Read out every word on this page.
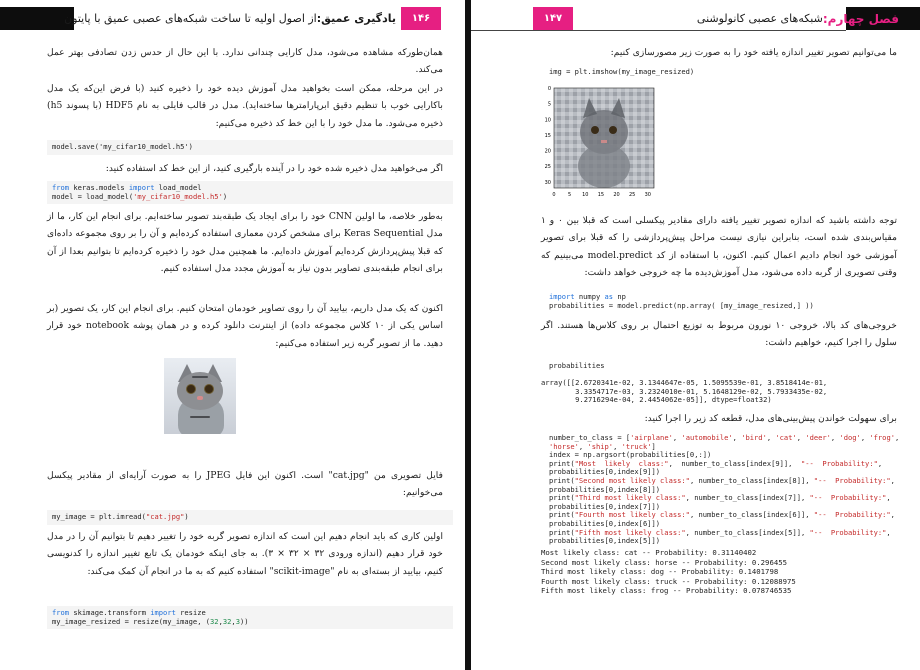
۱۴۶
یادگیری عمیق:
از اصول اولیه تا ساخت شبکه‌های عصبی عمیق با پایتون
همان‌طورکه مشاهده می‌شود، مدل کارایی چندانی ندارد. با این حال از حدس زدن تصادفی بهتر عمل می‌کند.
در این مرحله، ممکن است بخواهید مدل آموزش دیده خود را ذخیره کنید (با فرض این‌که یک مدل باکارایی خوب با تنظیم دقیق ابرپارامترها ساخته‌اید). مدل در قالب فایلی به نام HDF5 (با پسوند h5) ذخیره می‌شود. ما مدل خود را با این خط کد ذخیره می‌کنیم:
model.save('my_cifar10_model.h5')
اگر می‌خواهید مدل ذخیره شده خود را در آینده بارگیری کنید، از این خط کد استفاده کنید:
from keras.models import load_model
model = load_model('my_cifar10_model.h5')
به‌طور خلاصه، ما اولین CNN خود را برای ایجاد یک طبقه‌بند تصویر ساخته‌ایم. برای انجام این کار، ما از مدل Keras Sequential برای مشخص کردن معماری استفاده کرده‌ایم و آن را بر روی مجموعه داده‌ای که قبلا پیش‌پردازش کرده‌ایم آموزش داده‌ایم. ما همچنین مدل خود را ذخیره کرده‌ایم تا بتوانیم بعدا از آن برای انجام طبقه‌بندی تصاویر بدون نیاز به آموزش مجدد مدل استفاده کنیم.
اکنون که یک مدل داریم، بیایید آن را روی تصاویر خودمان امتحان کنیم. برای انجام این کار، یک تصویر (بر اساس یکی از ۱۰ کلاس مجموعه داده) از اینترنت دانلود کرده و در همان پوشه notebook خود قرار دهید. ما از تصویر گربه زیر استفاده می‌کنیم:
فایل تصویری من "cat.jpg" است. اکنون این فایل JPEG را به صورت آرایه‌ای از مقادیر پیکسل می‌خوانیم:
my_image = plt.imread("cat.jpg")
اولین کاری که باید انجام دهیم این است که اندازه تصویر گربه خود را تغییر دهیم تا بتوانیم آن را در مدل خود قرار دهیم (اندازه ورودی ۳۲ × ۳۲ × ۳). به جای اینکه خودمان یک تابع تغییر اندازه را کدنویسی کنیم، بیایید از بسته‌ای به نام "scikit-image" استفاده کنیم که به ما در انجام آن کمک می‌کند:
from skimage.transform import resize
my_image_resized = resize(my_image, (32,32,3))
۱۴۷	فصل چهارم:
شبکه‌های عصبی کانولوشنی
ما می‌توانیم تصویر تغییر اندازه یافته خود را به صورت زیر مصورسازی کنیم:
img = plt.imshow(my_image_resized)
0
5
10
15
20
25
30
0 5 10 15 20 25 30
توجه داشته باشید که اندازه تصویر تغییر یافته دارای مقادیر پیکسلی است که قبلا بین ۰ و ۱ مقیاس‌بندی شده است، بنابراین نیازی نیست مراحل پیش‌پردازشی را که قبلا برای تصویر آموزشی خود انجام دادیم اعمال کنیم. اکنون، با استفاده از کد model.predict می‌بینیم که وقتی تصویری از گربه داده می‌شود، مدل آموزش‌دیده ما چه خروجی خواهد داشت:
import numpy as np
probabilities = model.predict(np.array( [my_image_resized,] ))
خروجی‌های کد بالا، خروجی ۱۰ نورون مربوط به توزیع احتمال بر روی کلاس‌ها هستند. اگر سلول را اجرا کنیم، خواهیم داشت:
probabilities
array([[2.6720341e-02, 3.1344647e-05, 1.5095539e-01, 3.8518414e-01,
3.3354717e-03, 3.2324010e-01, 5.1648129e-02, 5.7933435e-02,
9.2716294e-04, 2.4454062e-05]], dtype=float32)
برای سهولت خواندن پیش‌بینی‌های مدل، قطعه کد زیر را اجرا کنید:
number_to_class = ['airplane', 'automobile', 'bird', 'cat', 'deer', 'dog', 'frog',
'horse', 'ship', 'truck']
index = np.argsort(probabilities[0,:])
print("Most  likely  class:",  number_to_class[index[9]],  "--  Probability:",
probabilities[0,index[9]])
print("Second most likely class:", number_to_class[index[8]], "--  Probability:",
probabilities[0,index[8]])
print("Third most likely class:", number_to_class[index[7]], "--  Probability:",
probabilities[0,index[7]])
print("Fourth most likely class:", number_to_class[index[6]], "--  Probability:",
probabilities[0,index[6]])
print("Fifth most likely class:", number_to_class[index[5]], "--  Probability:",
probabilities[0,index[5]])
Most likely class: cat -- Probability: 0.31140402
Second most likely class: horse -- Probability: 0.296455
Third most likely class: dog -- Probability: 0.1401798
Fourth most likely class: truck -- Probability: 0.12088975
Fifth most likely class: frog -- Probability: 0.078746535
